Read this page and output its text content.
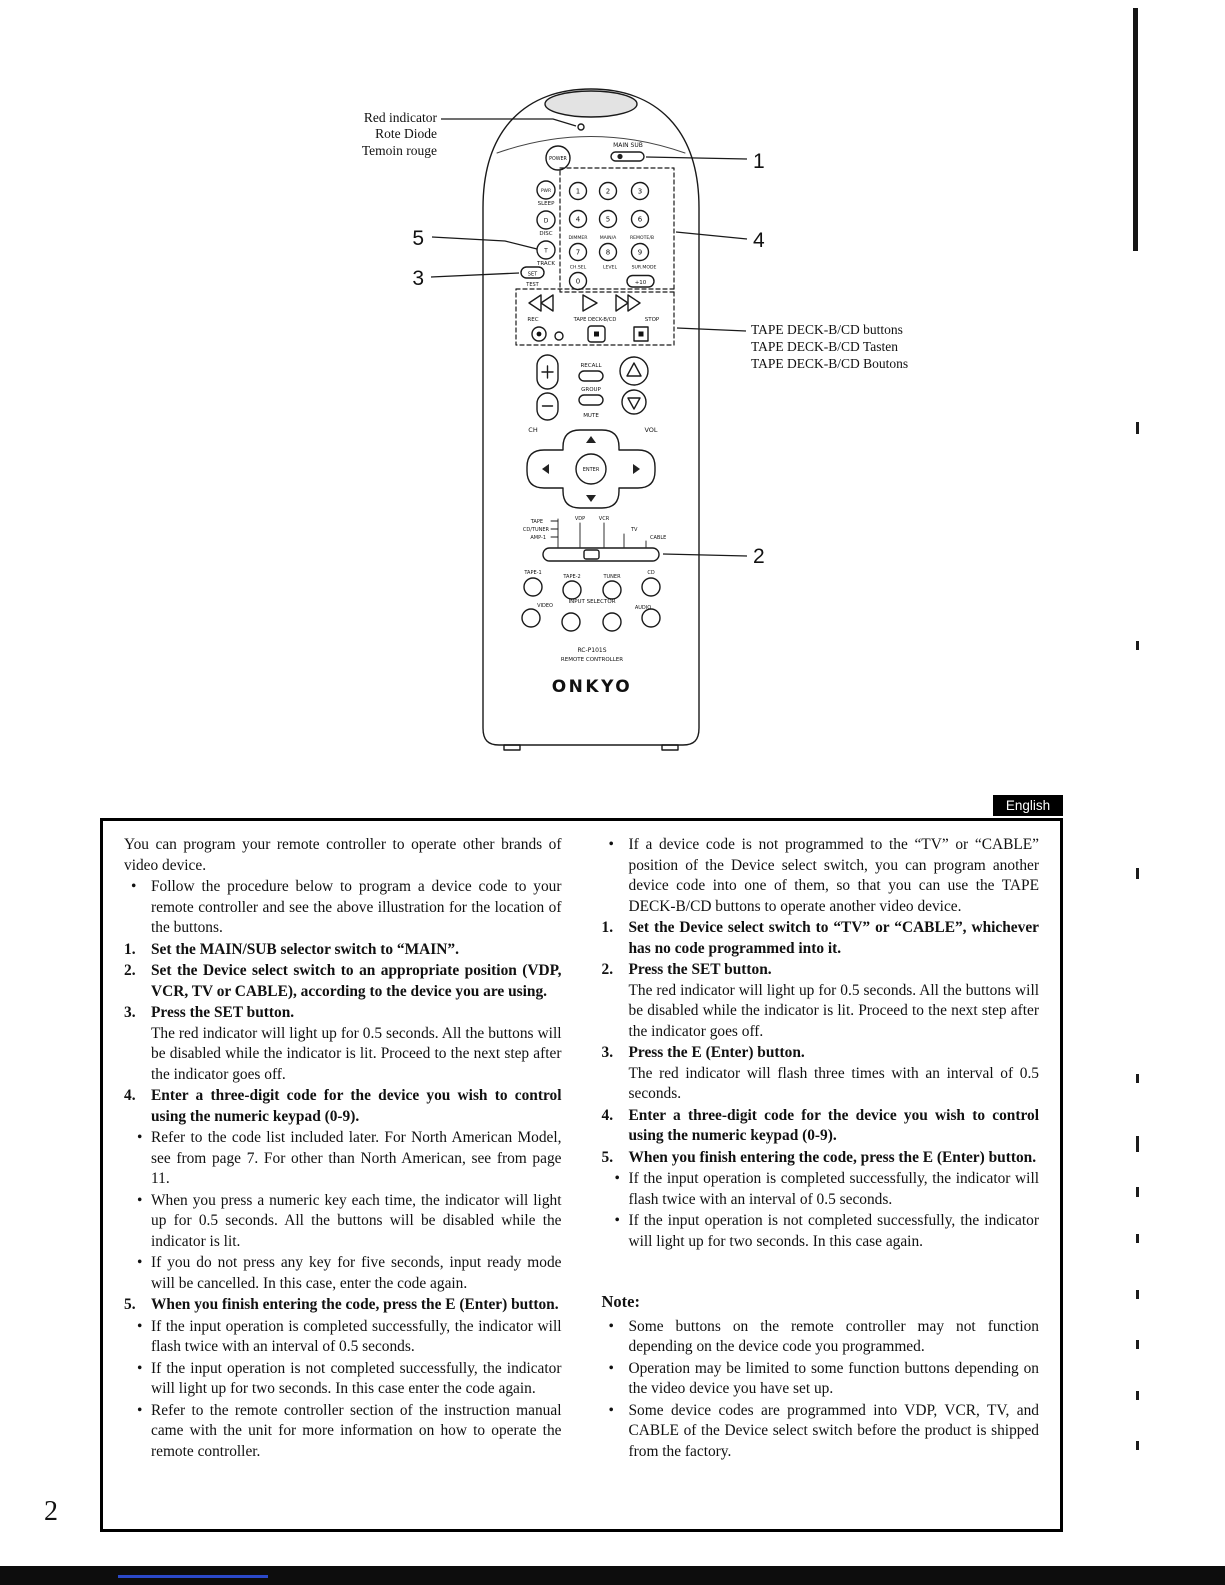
POWER
MAIN SUB
PWR
SLEEP
D
DISC
T
TRACK
SET
TEST
1	2	3
4	5	6
7	8	9
0	+10
DIMMER	MAIN/A	REMOTE/B
CH.SEL	LEVEL	SUR.MODE
REC	TAPE DECK-B/CD	STOP
RECALL
GROUP
MUTE
CH	VOL
ENTER
TAPE
CD/TUNER
AMP-1
VDP	VCR
TV
CABLE
TAPE-1
TAPE-2	TUNER
CD
INPUT SELECTOR
VIDEO	AUDIO
RC-P101S
REMOTE CONTROLLER
ONKYO
Red indicator
Rote Diode
Temoin rouge
TAPE DECK-B/CD buttons
TAPE DECK-B/CD Tasten
TAPE DECK-B/CD Boutons
1
4
5
3
2
English

You can program your remote controller to operate other brands of video device.

• Follow the procedure below to program a device code to your remote controller and see the above illustration for the location of the buttons.
1. Set the MAIN/SUB selector switch to “MAIN”.
2. Set the Device select switch to an appropriate position (VDP, VCR, TV or CABLE), according to the device you are using.
3. Press the SET button.
The red indicator will light up for 0.5 seconds. All the buttons will be disabled while the indicator is lit. Proceed to the next step after the indicator goes off.
4. Enter a three-digit code for the device you wish to control using the numeric keypad (0-9).
• Refer to the code list included later. For North American Model, see from page 7. For other than North American, see from page 11.
• When you press a numeric key each time, the indicator will light up for 0.5 seconds. All the buttons will be disabled while the indicator is lit.
• If you do not press any key for five seconds, input ready mode will be cancelled. In this case, enter the code again.
5. When you finish entering the code, press the E (Enter) button.
• If the input operation is completed successfully, the indicator will flash twice with an interval of 0.5 seconds.
• If the input operation is not completed successfully, the indicator will light up for two seconds. In this case enter the code again.
• Refer to the remote controller section of the instruction manual came with the unit for more information on how to operate the remote controller.
• If a device code is not programmed to the “TV” or “CABLE” position of the Device select switch, you can program another device code into one of them, so that you can use the TAPE DECK-B/CD buttons to operate another video device.
1. Set the Device select switch to “TV” or “CABLE”, whichever has no code programmed into it.
2. Press the SET button.
The red indicator will light up for 0.5 seconds. All the buttons will be disabled while the indicator is lit. Proceed to the next step after the indicator goes off.
3. Press the E (Enter) button.
The red indicator will flash three times with an interval of 0.5 seconds.
4. Enter a three-digit code for the device you wish to control using the numeric keypad (0-9).
5. When you finish entering the code, press the E (Enter) button.
• If the input operation is completed successfully, the indicator will flash twice with an interval of 0.5 seconds.
• If the input operation is not completed successfully, the indicator will light up for two seconds. In this case again.
Note:
• Some buttons on the remote controller may not function depending on the device code you programmed.
• Operation may be limited to some function buttons depending on the video device you have set up.
• Some device codes are programmed into VDP, VCR, TV, and CABLE of the Device select switch before the product is shipped from the factory.
2
